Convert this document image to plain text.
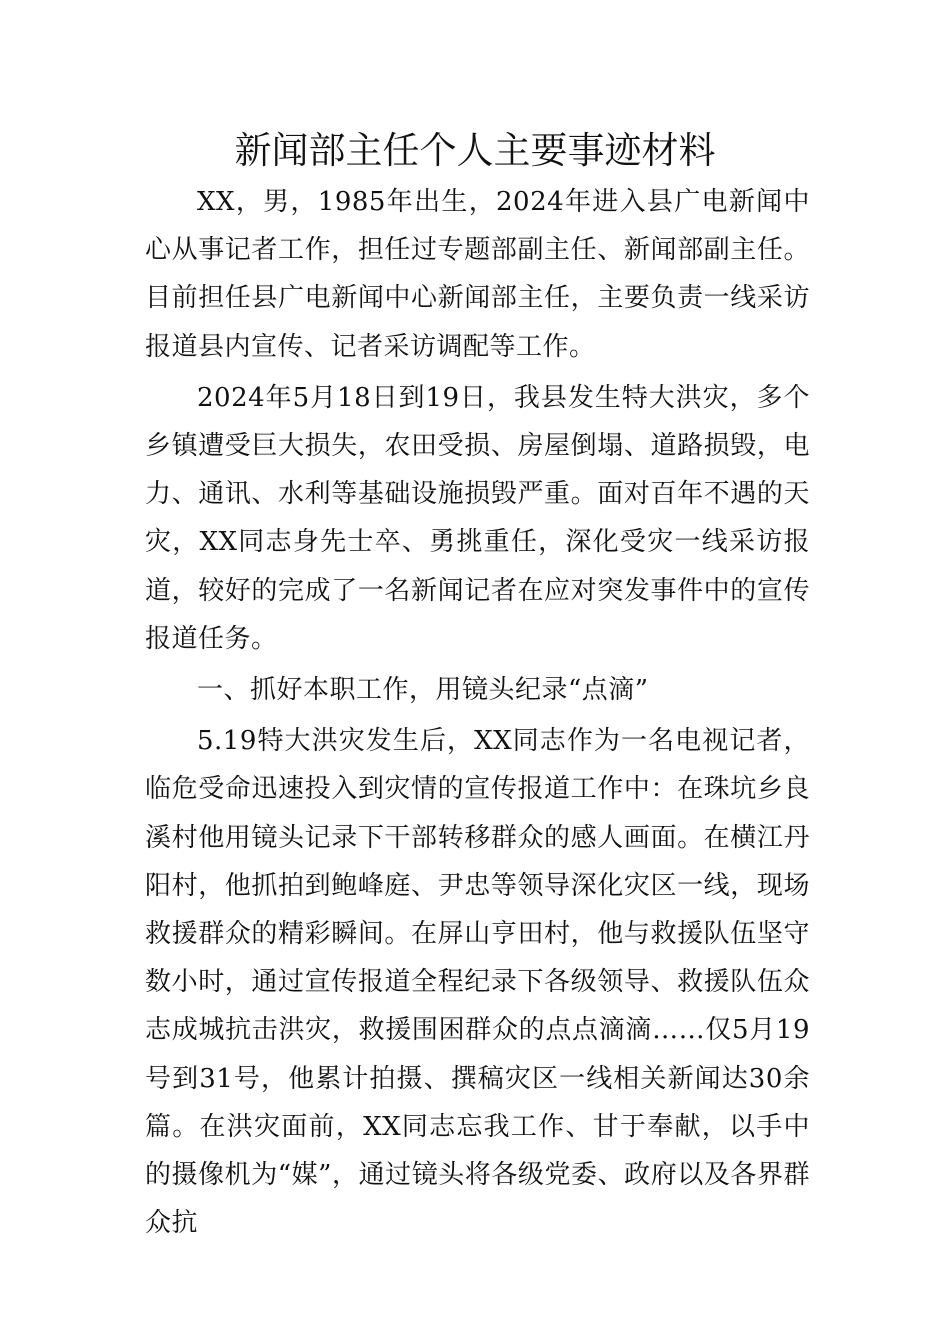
新闻部主任个人主要事迹材料

XX，男，1985年出生，2024年进入县广电新闻中心从事记者工作，担任过专题部副主任、新闻部副主任。目前担任县广电新闻中心新闻部主任，主要负责一线采访报道县内宣传、记者采访调配等工作。

2024年5月18日到19日，我县发生特大洪灾，多个乡镇遭受巨大损失，农田受损、房屋倒塌、道路损毁，电力、通讯、水利等基础设施损毁严重。面对百年不遇的天灾，XX同志身先士卒、勇挑重任，深化受灾一线采访报道，较好的完成了一名新闻记者在应对突发事件中的宣传报道任务。

一、抓好本职工作，用镜头纪录“点滴”

5.19特大洪灾发生后，XX同志作为一名电视记者，临危受命迅速投入到灾情的宣传报道工作中：在珠坑乡良溪村他用镜头记录下干部转移群众的感人画面。在横江丹阳村，他抓拍到鲍峰庭、尹忠等领导深化灾区一线，现场救援群众的精彩瞬间。在屏山亨田村，他与救援队伍坚守数小时，通过宣传报道全程纪录下各级领导、救援队伍众志成城抗击洪灾，救援围困群众的点点滴滴……仅5月19号到31号，他累计拍摄、撰稿灾区一线相关新闻达30余篇。在洪灾面前，XX同志忘我工作、甘于奉献，以手中的摄像机为“媒”，通过镜头将各级党委、政府以及各界群众抗
